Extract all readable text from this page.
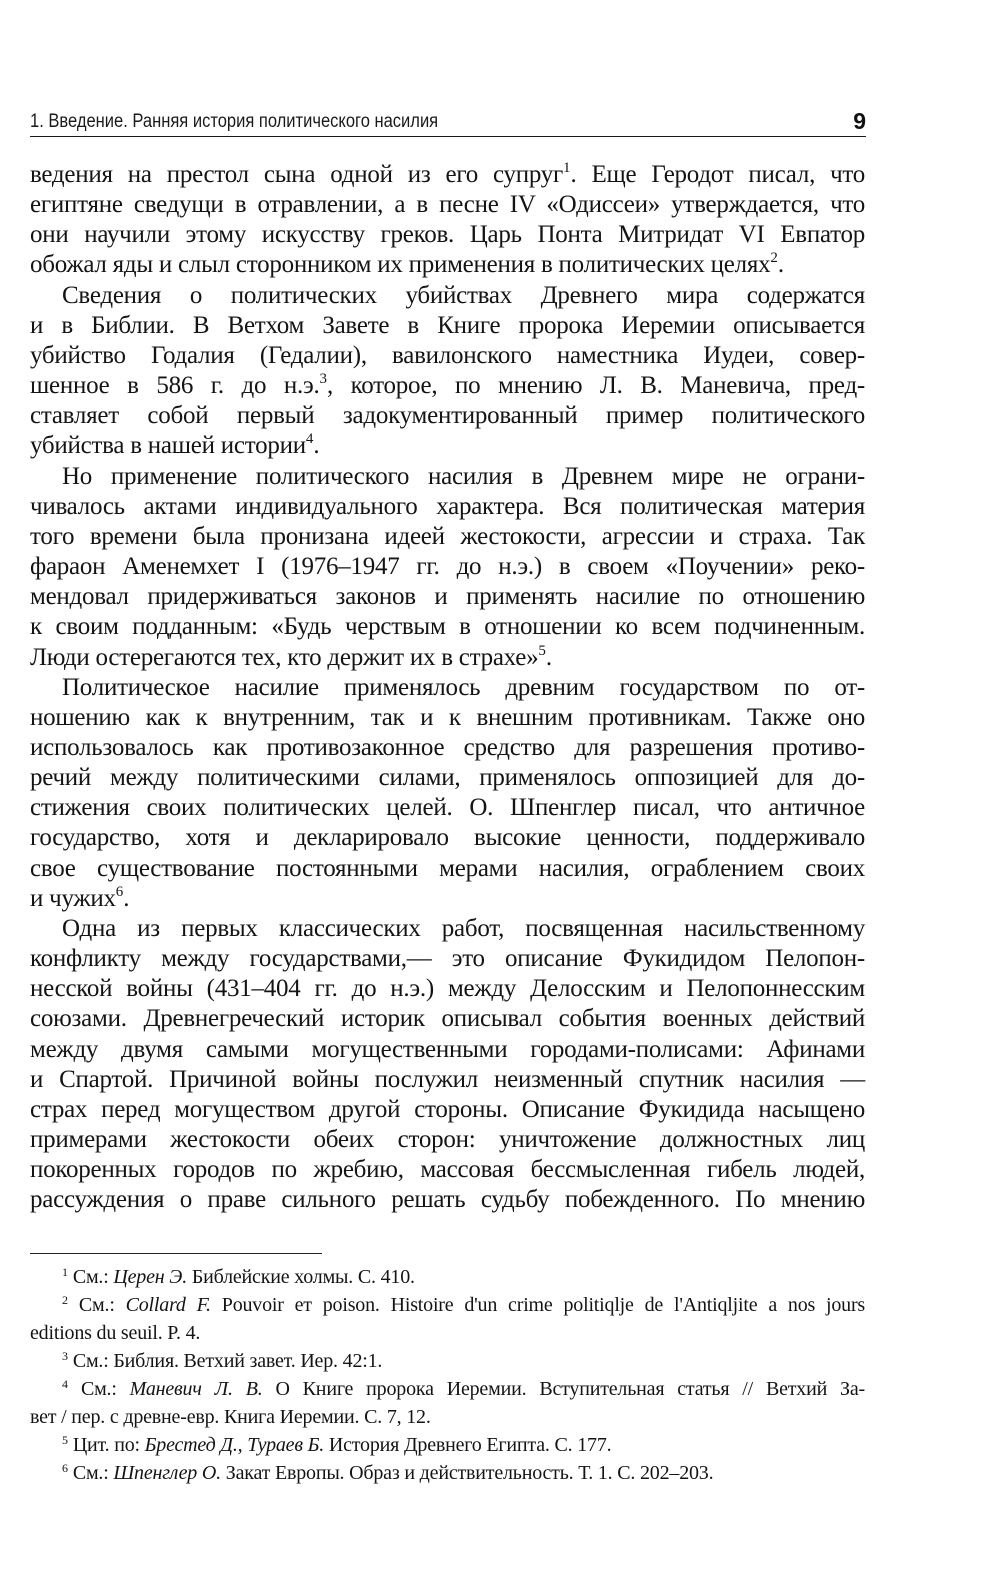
1. Введение. Ранняя история политического насилия	9
ведения на престол сына одной из его супруг$^1$. Еще Геродот писал, что
египтяне сведущи в отравлении, а в песне IV «Одиссеи» утверждается, что
они научили этому искусству греков. Царь Понта Митридат VI Евпатор
обожал яды и слыл сторонником их применения в политических целях$^2$.
Сведения о политических убийствах Древнего мира содержатся
и в Библии. В Ветхом Завете в Книге пророка Иеремии описывается
убийство Годалия (Гедалии), вавилонского наместника Иудеи, совер-
шенное в 586 г. до н.э.$^3$, которое, по мнению Л. В. Маневича, пред-
ставляет собой первый задокументированный пример политического
убийства в нашей истории$^4$.
Но применение политического насилия в Древнем мире не ограни-
чивалось актами индивидуального характера. Вся политическая материя
того времени была пронизана идеей жестокости, агрессии и страха. Так
фараон Аменемхет I (1976–1947 гг. до н.э.) в своем «Поучении» реко-
мендовал придерживаться законов и применять насилие по отношению
к своим подданным: «Будь черствым в отношении ко всем подчиненным.
Люди остерегаются тех, кто держит их в страхе»$^5$.
Политическое насилие применялось древним государством по от-
ношению как к внутренним, так и к внешним противникам. Также оно
использовалось как противозаконное средство для разрешения противо-
речий между политическими силами, применялось оппозицией для до-
стижения своих политических целей. О. Шпенглер писал, что античное
государство, хотя и декларировало высокие ценности, поддерживало
свое существование постоянными мерами насилия, ограблением своих
и чужих$^6$.
Одна из первых классических работ, посвященная насильственному
конфликту между государствами,— это описание Фукидидом Пелопон-
несской войны (431–404 гг. до н.э.) между Делосским и Пелопоннесским
союзами. Древнегреческий историк описывал события военных действий
между двумя самыми могущественными городами-полисами: Афинами
и Спартой. Причиной войны послужил неизменный спутник насилия —
страх перед могуществом другой стороны. Описание Фукидида насыщено
примерами жестокости обеих сторон: уничтожение должностных лиц
покоренных городов по жребию, массовая бессмысленная гибель людей,
рассуждения о праве сильного решать судьбу побежденного. По мнению
$^1$ См.: Церен Э. Библейские холмы. С. 410.
$^2$ См.: Collard F. Pouvoir ет poison. Histoire d'un crime politiqlje de l'Antiqljite a nos jours
editions du seuil. P. 4.
$^3$ См.: Библия. Ветхий завет. Иер. 42:1.
$^4$ См.: Маневич Л. В. О Книге пророка Иеремии. Вступительная статья // Ветхий За-
вет / пер. с древне-евр. Книга Иеремии. С. 7, 12.
$^5$ Цит. по: Брестед Д., Тураев Б. История Древнего Египта. С. 177.
$^6$ См.: Шпенглер О. Закат Европы. Образ и действительность. Т. 1. С. 202–203.
